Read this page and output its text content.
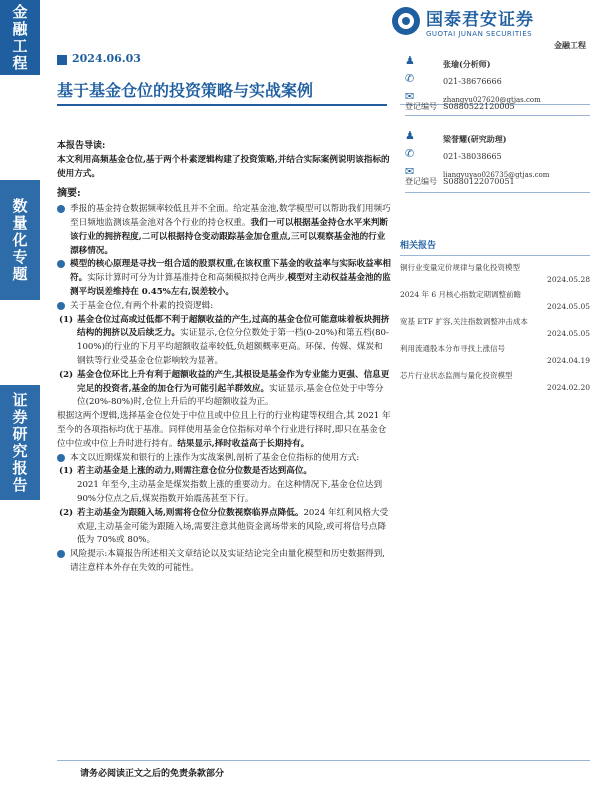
金融工程
数量化专题
证券研究报告
国泰君安证券
GUOTAI JUNAN SECURITIES
金融工程
2024.06.03
基于基金仓位的投资策略与实战案例
♟
✆
✉
张瑜(分析师)
021-38676666
zhangyu027620@gtjas.com
登记编号 S0880522120005
♟
✆
✉
梁誉耀(研究助理)
021-38038665
liangyuyao026735@gtjas.com
登记编号 S0880122070051
相关报告
铜行业变量定价规律与量化投资模型
2024.05.28
2024 年 6 月核心指数定期调整前瞻
2024.05.05
宽基 ETF 扩容,关注指数调整冲击成本
2024.05.05
利用流通股本分布寻找上涨信号
2024.04.19
芯片行业状态监测与量化投资模型
2024.02.20
本报告导读:
本文利用高频基金仓位,基于两个朴素逻辑构建了投资策略,并结合实际案例说明该指标的使用方式。
摘要:
季报的基金持仓数据频率较低且并不全面。给定基金池,数学模型可以帮助我们用频巧至日频地监测该基金池对各个行业的持仓权重。我们一可以根据基金持仓水平来判断该行业的拥挤程度,二可以根据持仓变动跟踪基金加仓重点,三可以观察基金池的行业漂移情况。
模型的核心原理是寻找一组合适的股票权重,在该权重下基金的收益率与实际收益率相符。实际计算时可分为计算基准持仓和高频模拟持仓两步,模型对主动权益基金池的监测平均误差维持在 0.45%左右,误差较小。
关于基金仓位,有两个朴素的投资逻辑:
(1) 基金仓位过高或过低都不利于超额收益的产生,过高的基金仓位可能意味着板块拥挤结构的拥挤以及后续乏力。实证显示,仓位分位数处于第一档(0-20%)和第五档(80-100%)的行业的下月平均超额收益率较低,负超额概率更高。环保、传媒、煤炭和钢铁等行业受基金仓位影响较为显著。
(2) 基金仓位环比上升有利于超额收益的产生,其根设是基金作为专业能力更强、信息更完足的投资者,基金的加仓行为可能引起羊群效应。实证显示,基金仓位处于中等分位(20%-80%)时,仓位上升后的平均超额收益为正。
根据这两个逻辑,选择基金仓位处于中位且或中位且上行的行业构建等权组合,其 2021 年至今的各项指标均优于基准。同样使用基金仓位指标对单个行业进行择时,即只在基金仓位中位或中位上升时进行持有。结果显示,择时收益高于长期持有。
本文以近期煤炭和银行的上涨作为实战案例,剖析了基金仓位指标的使用方式:
(1) 若主动基金是上涨的动力,则需注意仓位分位数是否达到高位。
2021 年至今,主动基金是煤炭指数上涨的重要动力。在这种情况下,基金仓位达到 90%分位点之后,煤炭指数开始震荡甚至下行。
(2) 若主动基金为跟随入场,则需将仓位分位数视察临界点降低。2024 年红利风格大受欢迎,主动基金可能为跟随入场,需要注意其他资金离场带来的风险,或可将信号点降低为 70%或 80%。
风险提示:本篇报告所述相关文章结论以及实证结论完全由量化模型和历史数据得到,请注意样本外存在失效的可能性。
请务必阅读正文之后的免责条款部分
